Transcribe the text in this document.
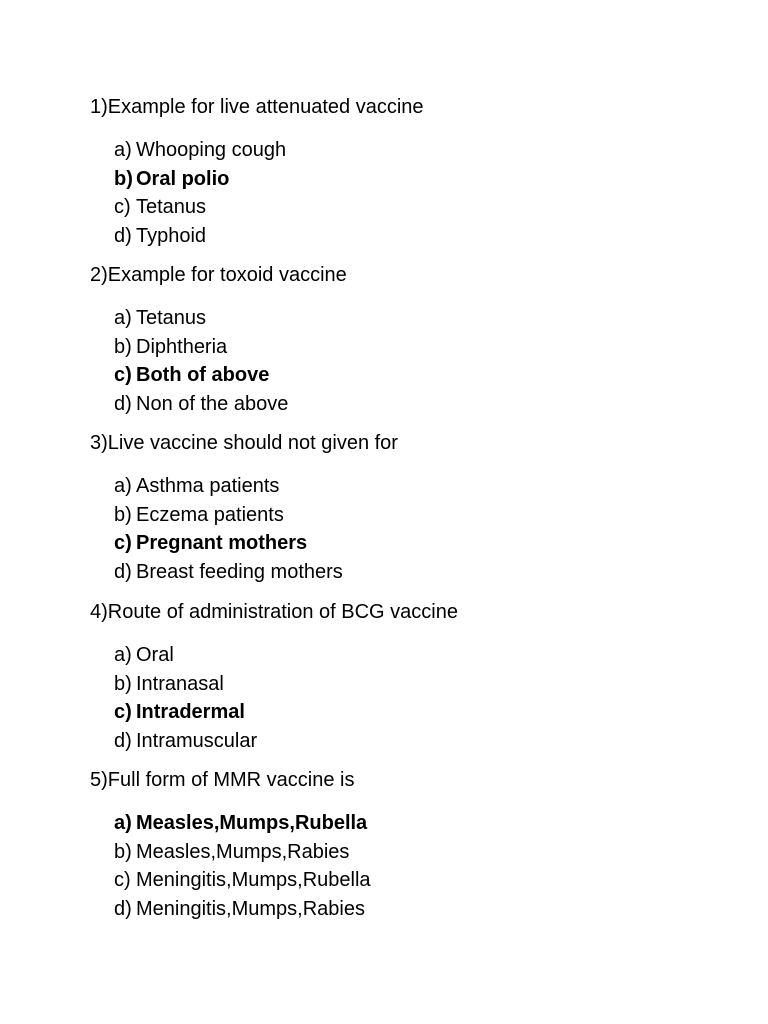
1)Example for live attenuated vaccine

a) Whooping cough
b) Oral polio
c) Tetanus
d) Typhoid

2)Example for toxoid vaccine

a) Tetanus
b) Diphtheria
c) Both of above
d) Non of the above

3)Live vaccine should not given for

a) Asthma patients
b) Eczema patients
c) Pregnant mothers
d) Breast feeding mothers

4)Route of administration of BCG vaccine

a) Oral
b) Intranasal
c) Intradermal
d) Intramuscular

5)Full form of MMR vaccine is

a) Measles,Mumps,Rubella
b) Measles,Mumps,Rabies
c) Meningitis,Mumps,Rubella
d) Meningitis,Mumps,Rabies
